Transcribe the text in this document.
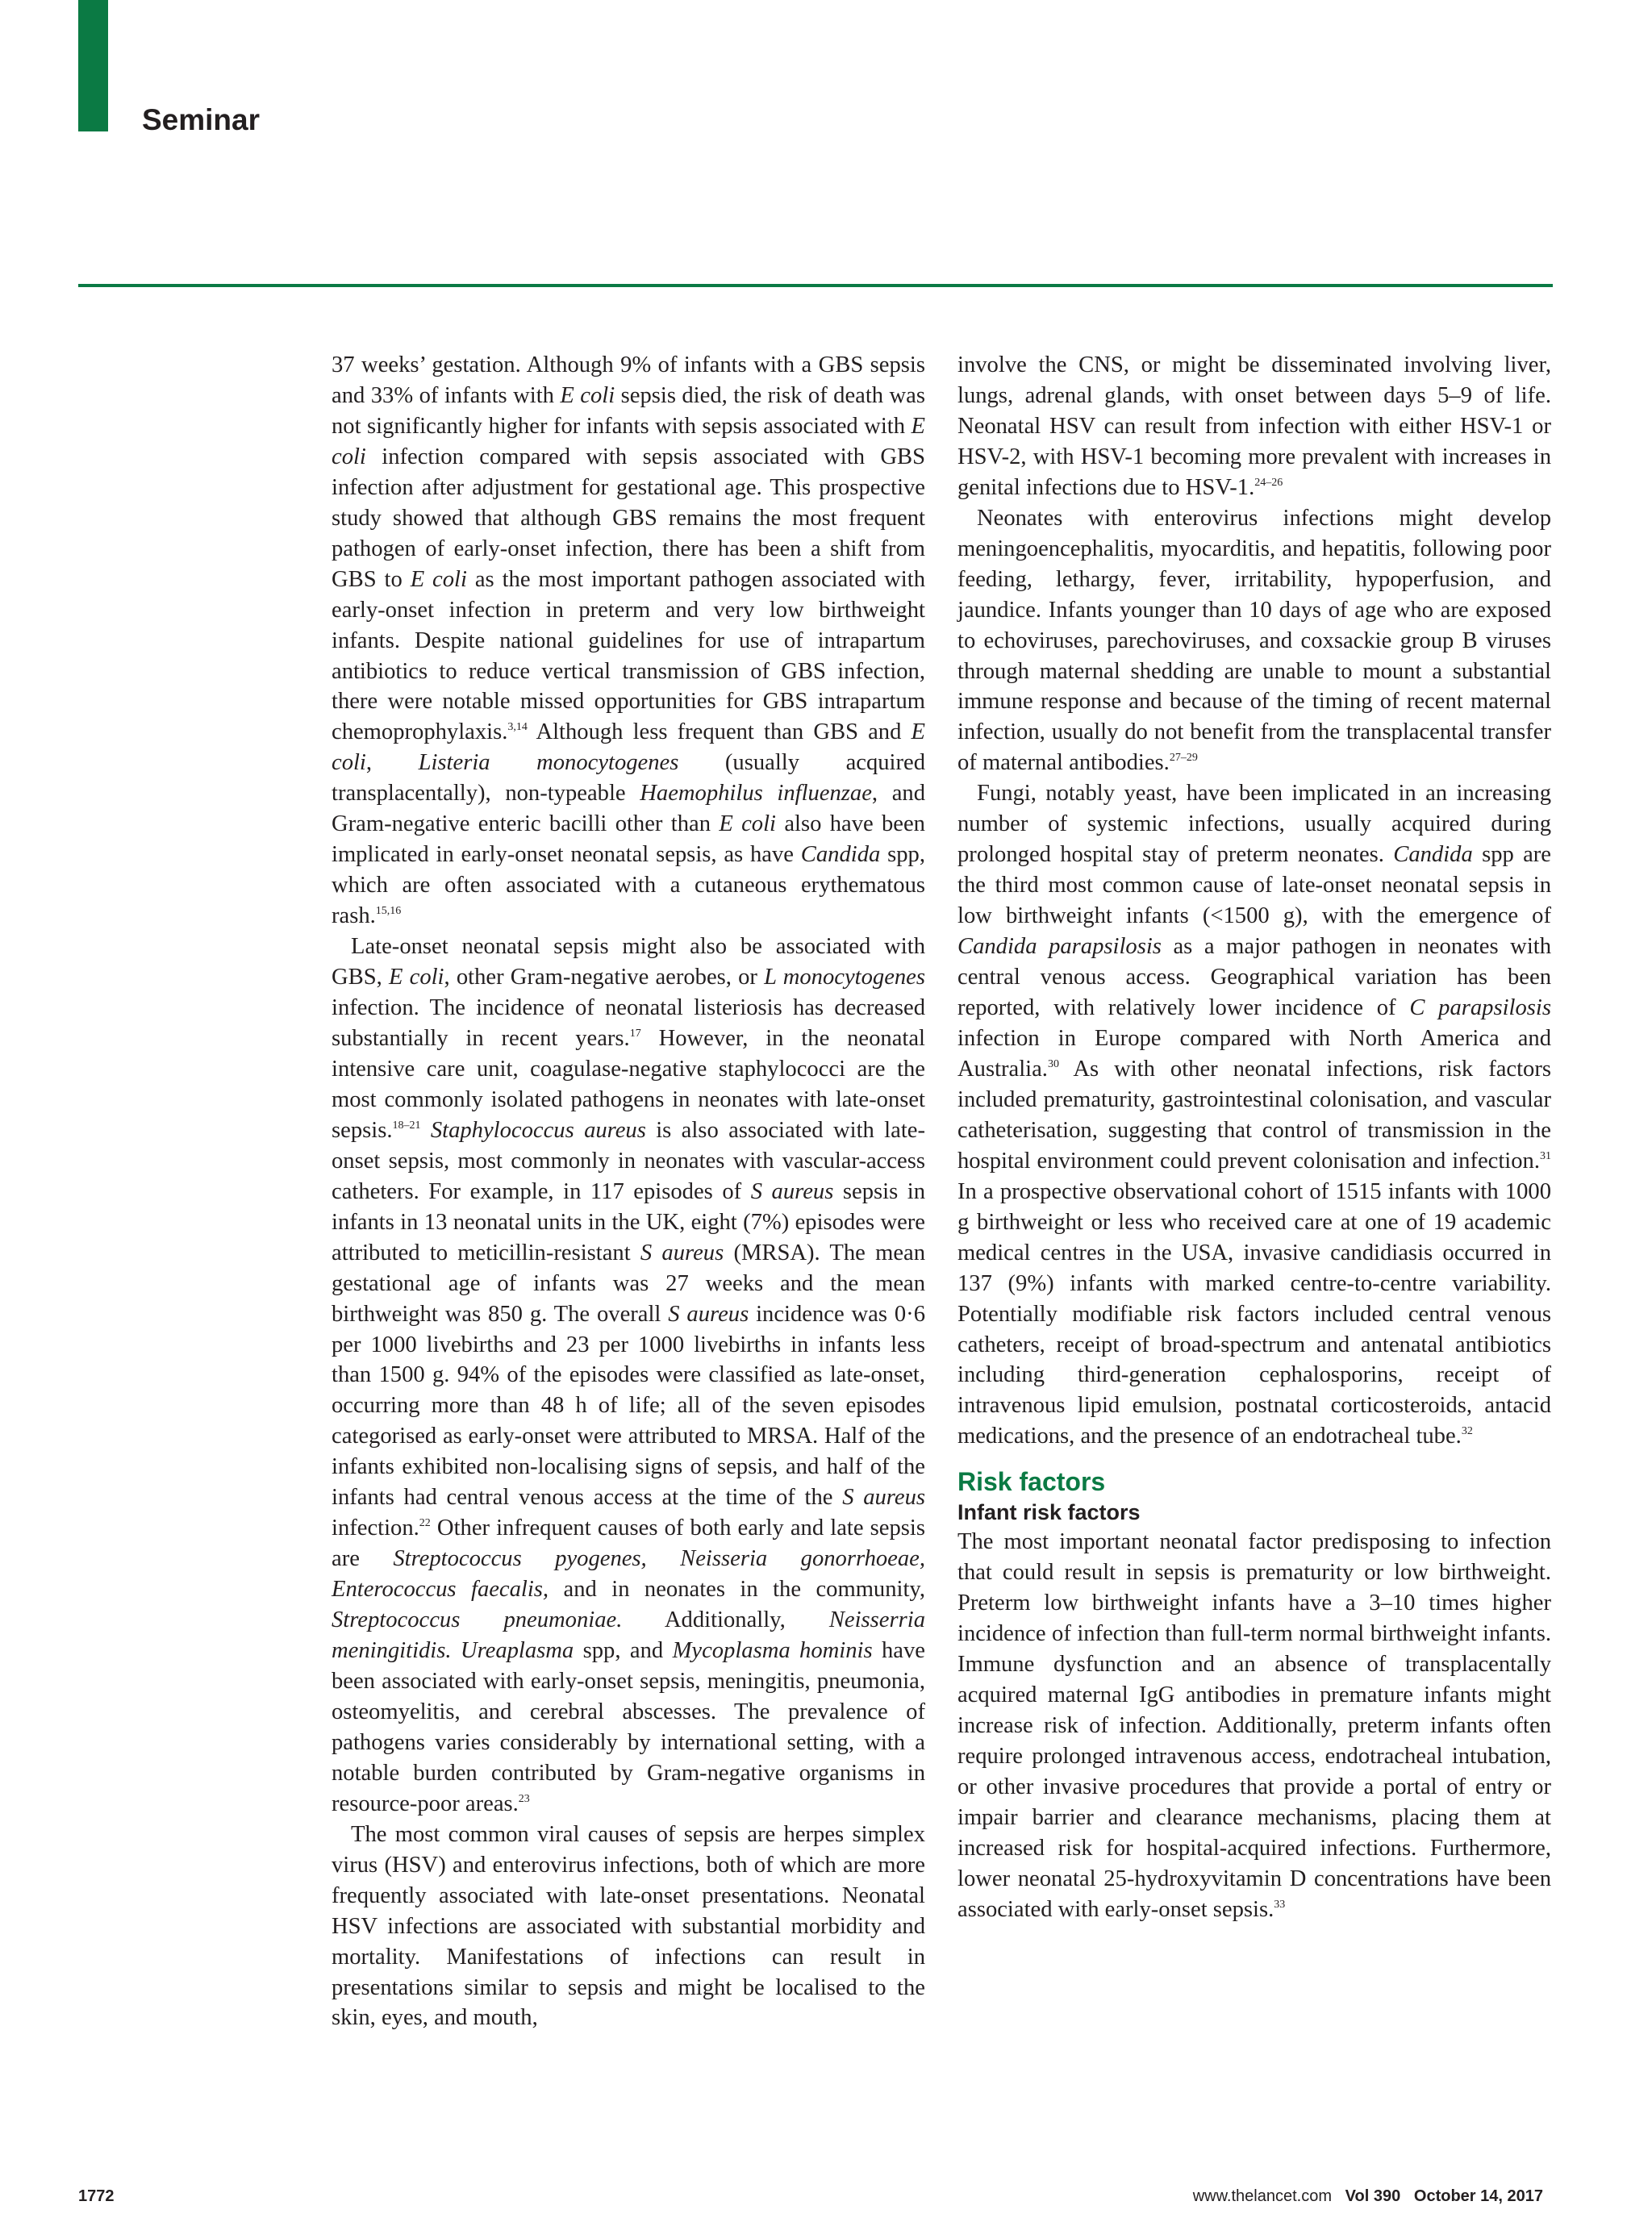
Seminar

37 weeks’ gestation. Although 9% of infants with a GBS sepsis and 33% of infants with E coli sepsis died, the risk of death was not significantly higher for infants with sepsis associated with E coli infection compared with sepsis associated with GBS infection after adjustment for gestational age. This prospective study showed that although GBS remains the most frequent pathogen of early-onset infection, there has been a shift from GBS to E coli as the most important pathogen associated with early-onset infection in preterm and very low birthweight infants. Despite national guidelines for use of intrapartum antibiotics to reduce vertical transmission of GBS infection, there were notable missed opportunities for GBS intrapartum chemoprophylaxis.$^{3,14}$ Although less frequent than GBS and E coli, Listeria monocytogenes (usually acquired transplacentally), non-typeable Haemophilus influenzae, and Gram-negative enteric bacilli other than E coli also have been implicated in early-onset neonatal sepsis, as have Candida spp, which are often associated with a cutaneous erythematous rash.$^{15,16}$

Late-onset neonatal sepsis might also be associated with GBS, E coli, other Gram-negative aerobes, or L monocytogenes infection. The incidence of neonatal listeriosis has decreased substantially in recent years.$^{17}$ However, in the neonatal intensive care unit, coagulase-negative staphylococci are the most commonly isolated pathogens in neonates with late-onset sepsis.$^{18-21}$ Staphylococcus aureus is also associated with late-onset sepsis, most commonly in neonates with vascular-access catheters. For example, in 117 episodes of S aureus sepsis in infants in 13 neonatal units in the UK, eight (7%) episodes were attributed to meticillin-resistant S aureus (MRSA). The mean gestational age of infants was 27 weeks and the mean birthweight was 850 g. The overall S aureus incidence was 0·6 per 1000 livebirths and 23 per 1000 livebirths in infants less than 1500 g. 94% of the episodes were classified as late-onset, occurring more than 48 h of life; all of the seven episodes categorised as early-onset were attributed to MRSA. Half of the infants exhibited non-localising signs of sepsis, and half of the infants had central venous access at the time of the S aureus infection.$^{22}$ Other infrequent causes of both early and late sepsis are Streptococcus pyogenes, Neisseria gonorrhoeae, Enterococcus faecalis, and in neonates in the community, Streptococcus pneumoniae. Additionally, Neisserria meningitidis. Ureaplasma spp, and Mycoplasma hominis have been associated with early-onset sepsis, meningitis, pneumonia, osteomyelitis, and cerebral abscesses. The prevalence of pathogens varies considerably by international setting, with a notable burden contributed by Gram-negative organisms in resource-poor areas.$^{23}$

The most common viral causes of sepsis are herpes simplex virus (HSV) and enterovirus infections, both of which are more frequently associated with late-onset presentations. Neonatal HSV infections are associated with substantial morbidity and mortality. Manifestations of infections can result in presentations similar to sepsis and might be localised to the skin, eyes, and mouth,

involve the CNS, or might be disseminated involving liver, lungs, adrenal glands, with onset between days 5–9 of life. Neonatal HSV can result from infection with either HSV-1 or HSV-2, with HSV-1 becoming more prevalent with increases in genital infections due to HSV-1.$^{24-26}$

Neonates with enterovirus infections might develop meningoencephalitis, myocarditis, and hepatitis, following poor feeding, lethargy, fever, irritability, hypoperfusion, and jaundice. Infants younger than 10 days of age who are exposed to echoviruses, parechoviruses, and coxsackie group B viruses through maternal shedding are unable to mount a substantial immune response and because of the timing of recent maternal infection, usually do not benefit from the transplacental transfer of maternal antibodies.$^{27-29}$

Fungi, notably yeast, have been implicated in an increasing number of systemic infections, usually acquired during prolonged hospital stay of preterm neonates. Candida spp are the third most common cause of late-onset neonatal sepsis in low birthweight infants (<1500 g), with the emergence of Candida parapsilosis as a major pathogen in neonates with central venous access. Geographical variation has been reported, with relatively lower incidence of C parapsilosis infection in Europe compared with North America and Australia.$^{30}$ As with other neonatal infections, risk factors included prematurity, gastrointestinal colonisation, and vascular catheterisation, suggesting that control of transmission in the hospital environment could prevent colonisation and infection.$^{31}$ In a prospective observational cohort of 1515 infants with 1000 g birthweight or less who received care at one of 19 academic medical centres in the USA, invasive candidiasis occurred in 137 (9%) infants with marked centre-to-centre variability. Potentially modifiable risk factors included central venous catheters, receipt of broad-spectrum and antenatal antibiotics including third-generation cephalosporins, receipt of intravenous lipid emulsion, postnatal corticosteroids, antacid medications, and the presence of an endotracheal tube.$^{32}$

Risk factors
Infant risk factors

The most important neonatal factor predisposing to infection that could result in sepsis is prematurity or low birthweight. Preterm low birthweight infants have a 3–10 times higher incidence of infection than full-term normal birthweight infants. Immune dysfunction and an absence of transplacentally acquired maternal IgG antibodies in premature infants might increase risk of infection. Additionally, preterm infants often require prolonged intravenous access, endotracheal intubation, or other invasive procedures that provide a portal of entry or impair barrier and clearance mechanisms, placing them at increased risk for hospital-acquired infections. Furthermore, lower neonatal 25-hydroxyvitamin D concentrations have been associated with early-onset sepsis.$^{33}$

1772	www.thelancet.com Vol 390 October 14, 2017
